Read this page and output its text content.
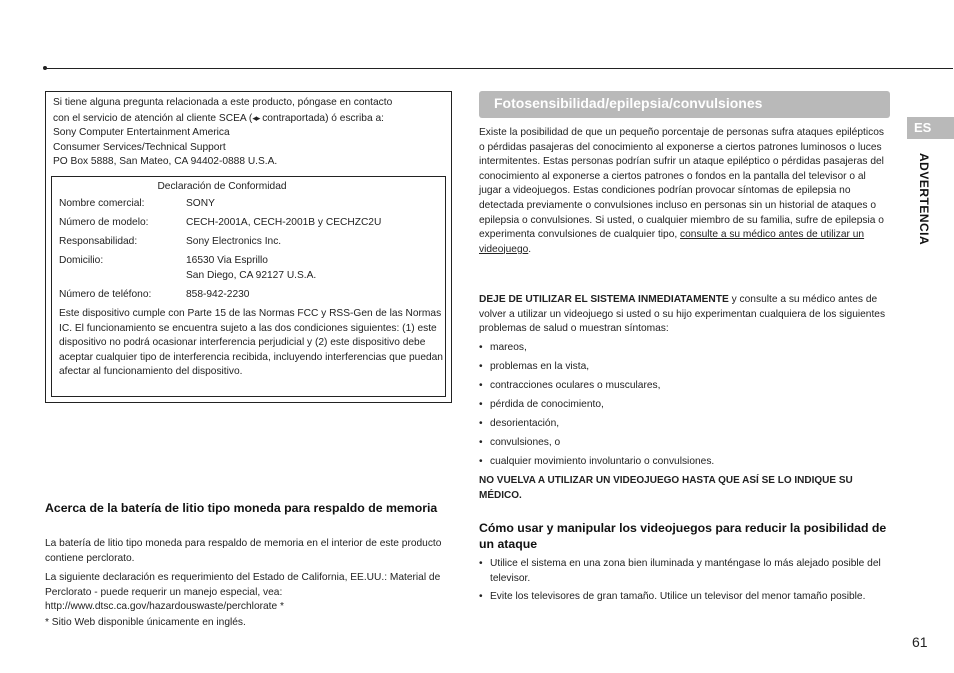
Si tiene alguna pregunta relacionada a este producto, póngase en contacto
con el servicio de atención al cliente SCEA (◂▸ contraportada) ó escriba a:
Sony Computer Entertainment America
Consumer Services/Technical Support
PO Box 5888, San Mateo, CA 94402-0888 U.S.A.
Declaración de Conformidad
Nombre comercial:	SONY
Número de modelo:	CECH-2001A, CECH-2001B y CECHZC2U
Responsabilidad:	Sony Electronics Inc.
Domicilio:	16530 Via Esprillo
San Diego, CA 92127 U.S.A.
Número de teléfono:	858-942-2230
Este dispositivo cumple con Parte 15 de las Normas FCC y RSS-Gen de las Normas IC. El funcionamiento se encuentra sujeto a las dos condiciones siguientes: (1) este dispositivo no podrá ocasionar interferencia perjudicial y (2) este dispositivo debe aceptar cualquier tipo de interferencia recibida, incluyendo interferencias que puedan afectar al funcionamiento del dispositivo.
Acerca de la batería de litio tipo moneda para respaldo de memoria
La batería de litio tipo moneda para respaldo de memoria en el interior de este producto contiene perclorato.
La siguiente declaración es requerimiento del Estado de California, EE.UU.: Material de Perclorato - puede requerir un manejo especial, vea: http://www.dtsc.ca.gov/hazardouswaste/perchlorate *
* Sitio Web disponible únicamente en inglés.
Fotosensibilidad/epilepsia/convulsiones
Existe la posibilidad de que un pequeño porcentaje de personas sufra ataques epilépticos o pérdidas pasajeras del conocimiento al exponerse a ciertos patrones luminosos o luces intermitentes. Estas personas podrían sufrir un ataque epiléptico o pérdidas pasajeras del conocimiento al exponerse a ciertos patrones o fondos en la pantalla del televisor o al jugar a videojuegos. Estas condiciones podrían provocar síntomas de epilepsia no detectada previamente o convulsiones incluso en personas sin un historial de ataques o epilepsia o convulsiones. Si usted, o cualquier miembro de su familia, sufre de epilepsia o experimenta convulsiones de cualquier tipo, consulte a su médico antes de utilizar un videojuego.
DEJE DE UTILIZAR EL SISTEMA INMEDIATAMENTE y consulte a su médico antes de volver a utilizar un videojuego si usted o su hijo experimentan cualquiera de los siguientes problemas de salud o muestran síntomas:
• mareos,
• problemas en la vista,
• contracciones oculares o musculares,
• pérdida de conocimiento,
• desorientación,
• convulsiones, o
• cualquier movimiento involuntario o convulsiones.
NO VUELVA A UTILIZAR UN VIDEOJUEGO HASTA QUE ASÍ SE LO INDIQUE SU MÉDICO.
Cómo usar y manipular los videojuegos para reducir la posibilidad de un ataque
• Utilice el sistema en una zona bien iluminada y manténgase lo más alejado posible del televisor.
• Evite los televisores de gran tamaño. Utilice un televisor del menor tamaño posible.
ES
ADVERTENCIA
61
